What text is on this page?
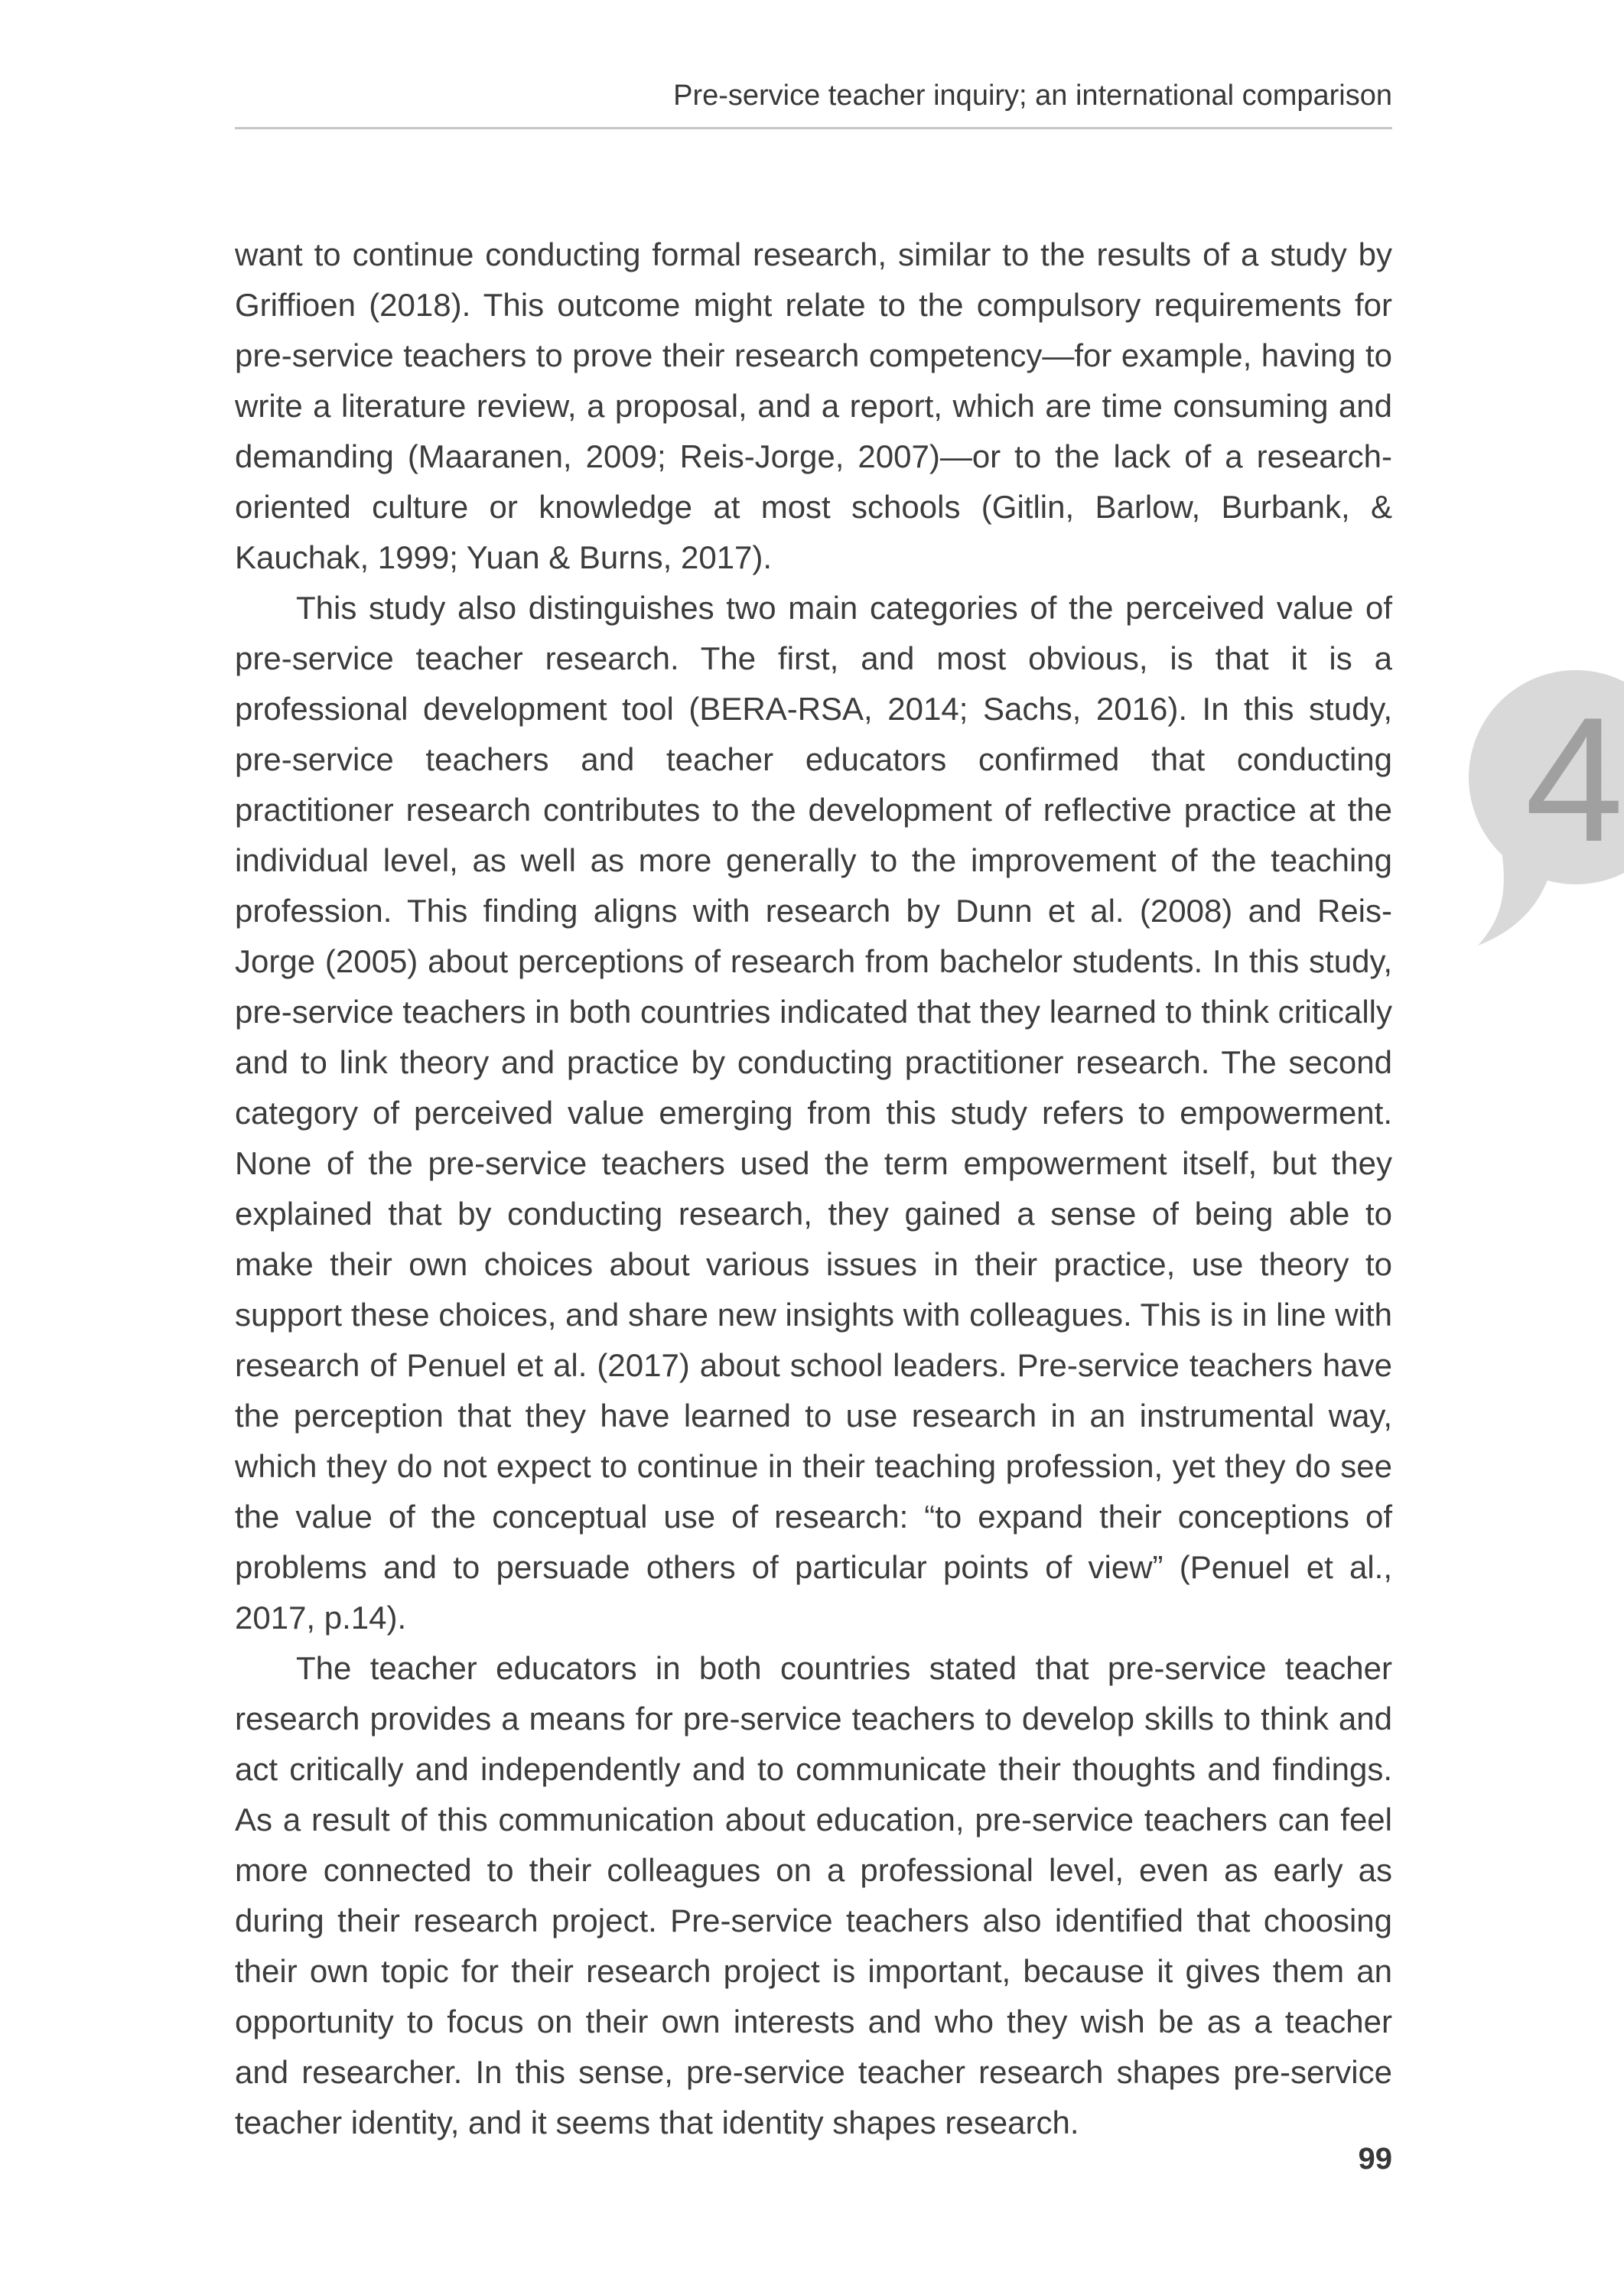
Pre-service teacher inquiry; an international comparison

want to continue conducting formal research, similar to the results of a study by Griffioen (2018). This outcome might relate to the compulsory requirements for pre-service teachers to prove their research competency—for example, having to write a literature review, a proposal, and a report, which are time consuming and demanding (Maaranen, 2009; Reis-Jorge, 2007)—or to the lack of a research-oriented culture or knowledge at most schools (Gitlin, Barlow, Burbank, & Kauchak, 1999; Yuan & Burns, 2017).

This study also distinguishes two main categories of the perceived value of pre-service teacher research. The first, and most obvious, is that it is a professional development tool (BERA-RSA, 2014; Sachs, 2016). In this study, pre-service teachers and teacher educators confirmed that conducting practitioner research contributes to the development of reflective practice at the individual level, as well as more generally to the improvement of the teaching profession. This finding aligns with research by Dunn et al. (2008) and Reis-Jorge (2005) about perceptions of research from bachelor students. In this study, pre-service teachers in both countries indicated that they learned to think critically and to link theory and practice by conducting practitioner research. The second category of perceived value emerging from this study refers to empowerment. None of the pre-service teachers used the term empowerment itself, but they explained that by conducting research, they gained a sense of being able to make their own choices about various issues in their practice, use theory to support these choices, and share new insights with colleagues. This is in line with research of Penuel et al. (2017) about school leaders. Pre-service teachers have the perception that they have learned to use research in an instrumental way, which they do not expect to continue in their teaching profession, yet they do see the value of the conceptual use of research: “to expand their conceptions of problems and to persuade others of particular points of view” (Penuel et al., 2017, p.14).

The teacher educators in both countries stated that pre-service teacher research provides a means for pre-service teachers to develop skills to think and act critically and independently and to communicate their thoughts and findings. As a result of this communication about education, pre-service teachers can feel more connected to their colleagues on a professional level, even as early as during their research project. Pre-service teachers also identified that choosing their own topic for their research project is important, because it gives them an opportunity to focus on their own interests and who they wish be as a teacher and researcher. In this sense, pre-service teacher research shapes pre-service teacher identity, and it seems that identity shapes research.

4
99
